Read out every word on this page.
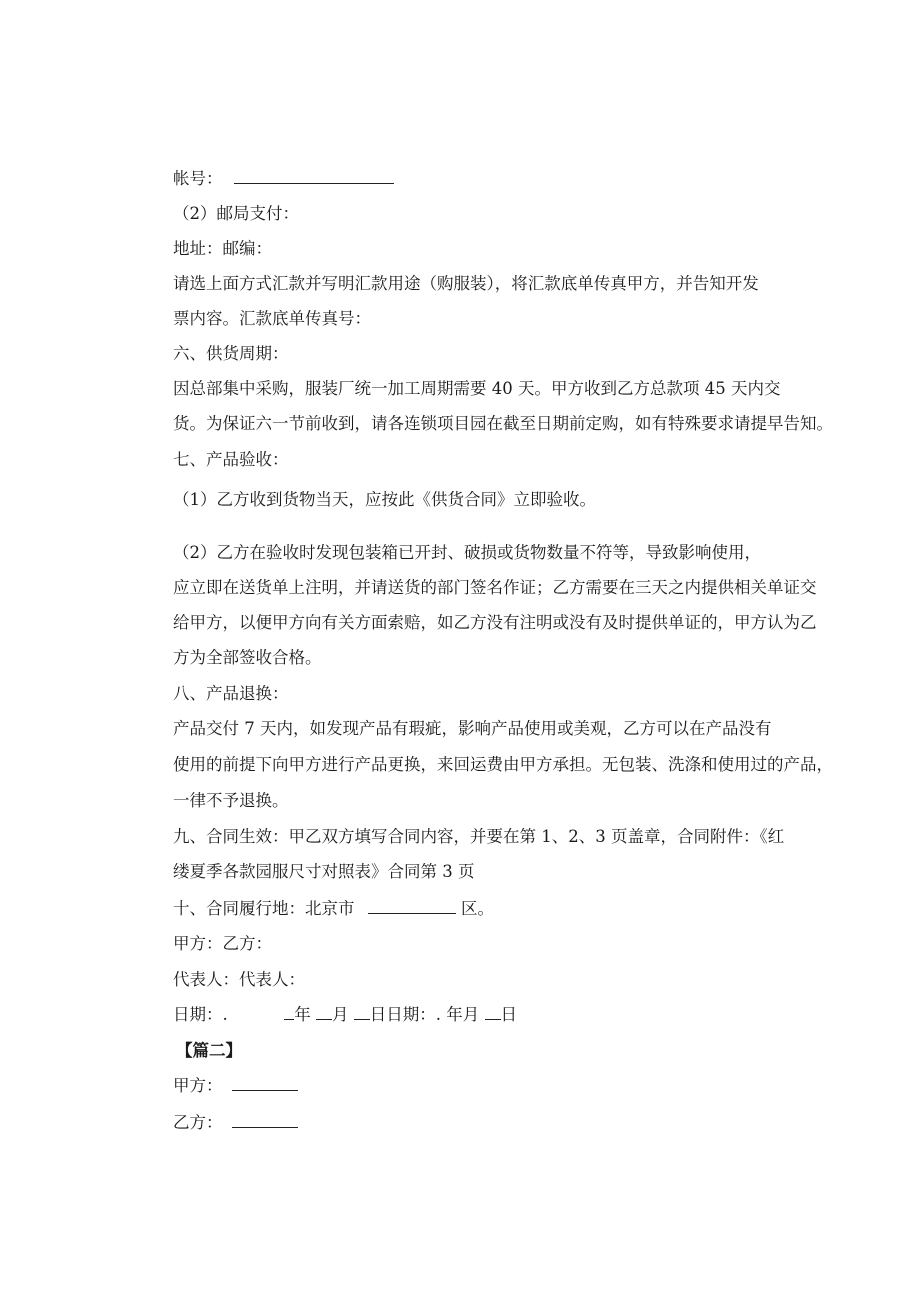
帐号：
（2）邮局支付：
地址：邮编：
请选上面方式汇款并写明汇款用途（购服装），将汇款底单传真甲方，并告知开发
票内容。汇款底单传真号：
六、供货周期：
因总部集中采购，服装厂统一加工周期需要 40 天。甲方收到乙方总款项 45 天内交
货。为保证六一节前收到，请各连锁项目园在截至日期前定购，如有特殊要求请提早告知。
七、产品验收：
（1）乙方收到货物当天，应按此《供货合同》立即验收。
（2）乙方在验收时发现包装箱已开封、破损或货物数量不符等，导致影响使用，
应立即在送货单上注明，并请送货的部门签名作证；乙方需要在三天之内提供相关单证交
给甲方，以便甲方向有关方面索赔，如乙方没有注明或没有及时提供单证的，甲方认为乙
方为全部签收合格。
八、产品退换：
产品交付 7 天内，如发现产品有瑕疵，影响产品使用或美观，乙方可以在产品没有
使用的前提下向甲方进行产品更换，来回运费由甲方承担。无包装、洗涤和使用过的产品，
一律不予退换。
九、合同生效：甲乙双方填写合同内容，并要在第 1、2、3 页盖章，合同附件：《红
缕夏季各款园服尺寸对照表》合同第 3 页
十、合同履行地：北京市	区。
甲方：乙方：
代表人：代表人：
日期：.	年 月 日日期：. 年月 日
【篇二】
甲方：
乙方：
